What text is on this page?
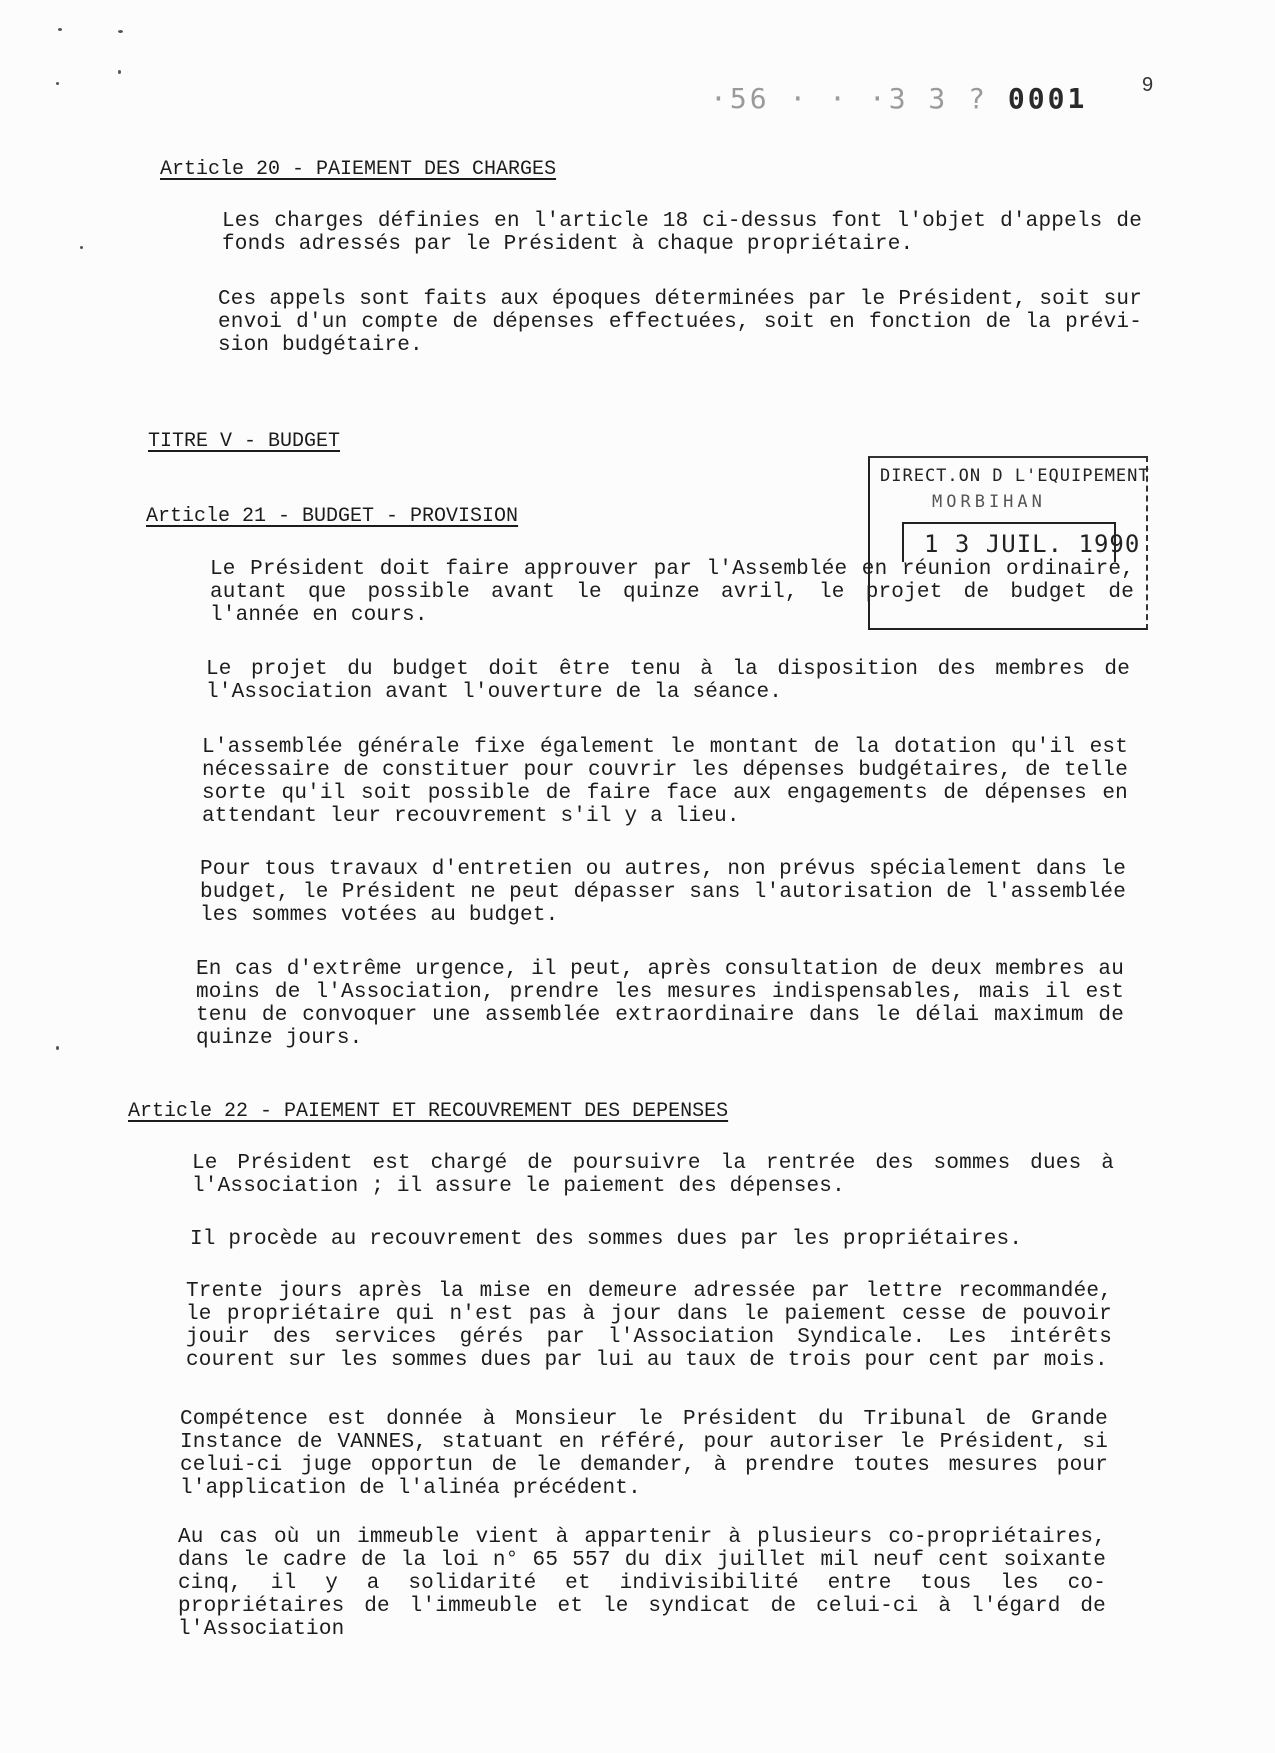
·56 · · ·3 3 ? 0001	9

Article 20 - PAIEMENT DES CHARGES

Les charges définies en l'article 18 ci-dessus font l'objet d'appels de fonds adressés par le Président à chaque propriétaire.

Ces appels sont faits aux époques déterminées par le Président, soit sur envoi d'un compte de dépenses effectuées, soit en fonction de la prévi-sion budgétaire.

TITRE V - BUDGET

Article 21 - BUDGET - PROVISION

Le Président doit faire approuver par l'Assemblée en réunion ordinaire, autant que possible avant le quinze avril, le projet de budget de l'année en cours.

Le projet du budget doit être tenu à la disposition des membres de l'Association avant l'ouverture de la séance.

L'assemblée générale fixe également le montant de la dotation qu'il est nécessaire de constituer pour couvrir les dépenses budgétaires, de telle sorte qu'il soit possible de faire face aux engagements de dépenses en attendant leur recouvrement s'il y a lieu.

Pour tous travaux d'entretien ou autres, non prévus spécialement dans le budget, le Président ne peut dépasser sans l'autorisation de l'assemblée les sommes votées au budget.

En cas d'extrême urgence, il peut, après consultation de deux membres au moins de l'Association, prendre les mesures indispensables, mais il est tenu de convoquer une assemblée extraordinaire dans le délai maximum de quinze jours.

DIRECT.ON D L'EQUIPEMENT
MORBIHAN
1 3 JUIL. 1990

Article 22 - PAIEMENT ET RECOUVREMENT DES DEPENSES

Le Président est chargé de poursuivre la rentrée des sommes dues à l'Association ; il assure le paiement des dépenses.

Il procède au recouvrement des sommes dues par les propriétaires.

Trente jours après la mise en demeure adressée par lettre recommandée, le propriétaire qui n'est pas à jour dans le paiement cesse de pouvoir jouir des services gérés par l'Association Syndicale. Les intérêts courent sur les sommes dues par lui au taux de trois pour cent par mois.

Compétence est donnée à Monsieur le Président du Tribunal de Grande Instance de VANNES, statuant en référé, pour autoriser le Président, si celui-ci juge opportun de le demander, à prendre toutes mesures pour l'application de l'alinéa précédent.

Au cas où un immeuble vient à appartenir à plusieurs co-propriétaires, dans le cadre de la loi n° 65 557 du dix juillet mil neuf cent soixante cinq, il y a solidarité et indivisibilité entre tous les co-propriétaires de l'immeuble et le syndicat de celui-ci à l'égard de l'Association
